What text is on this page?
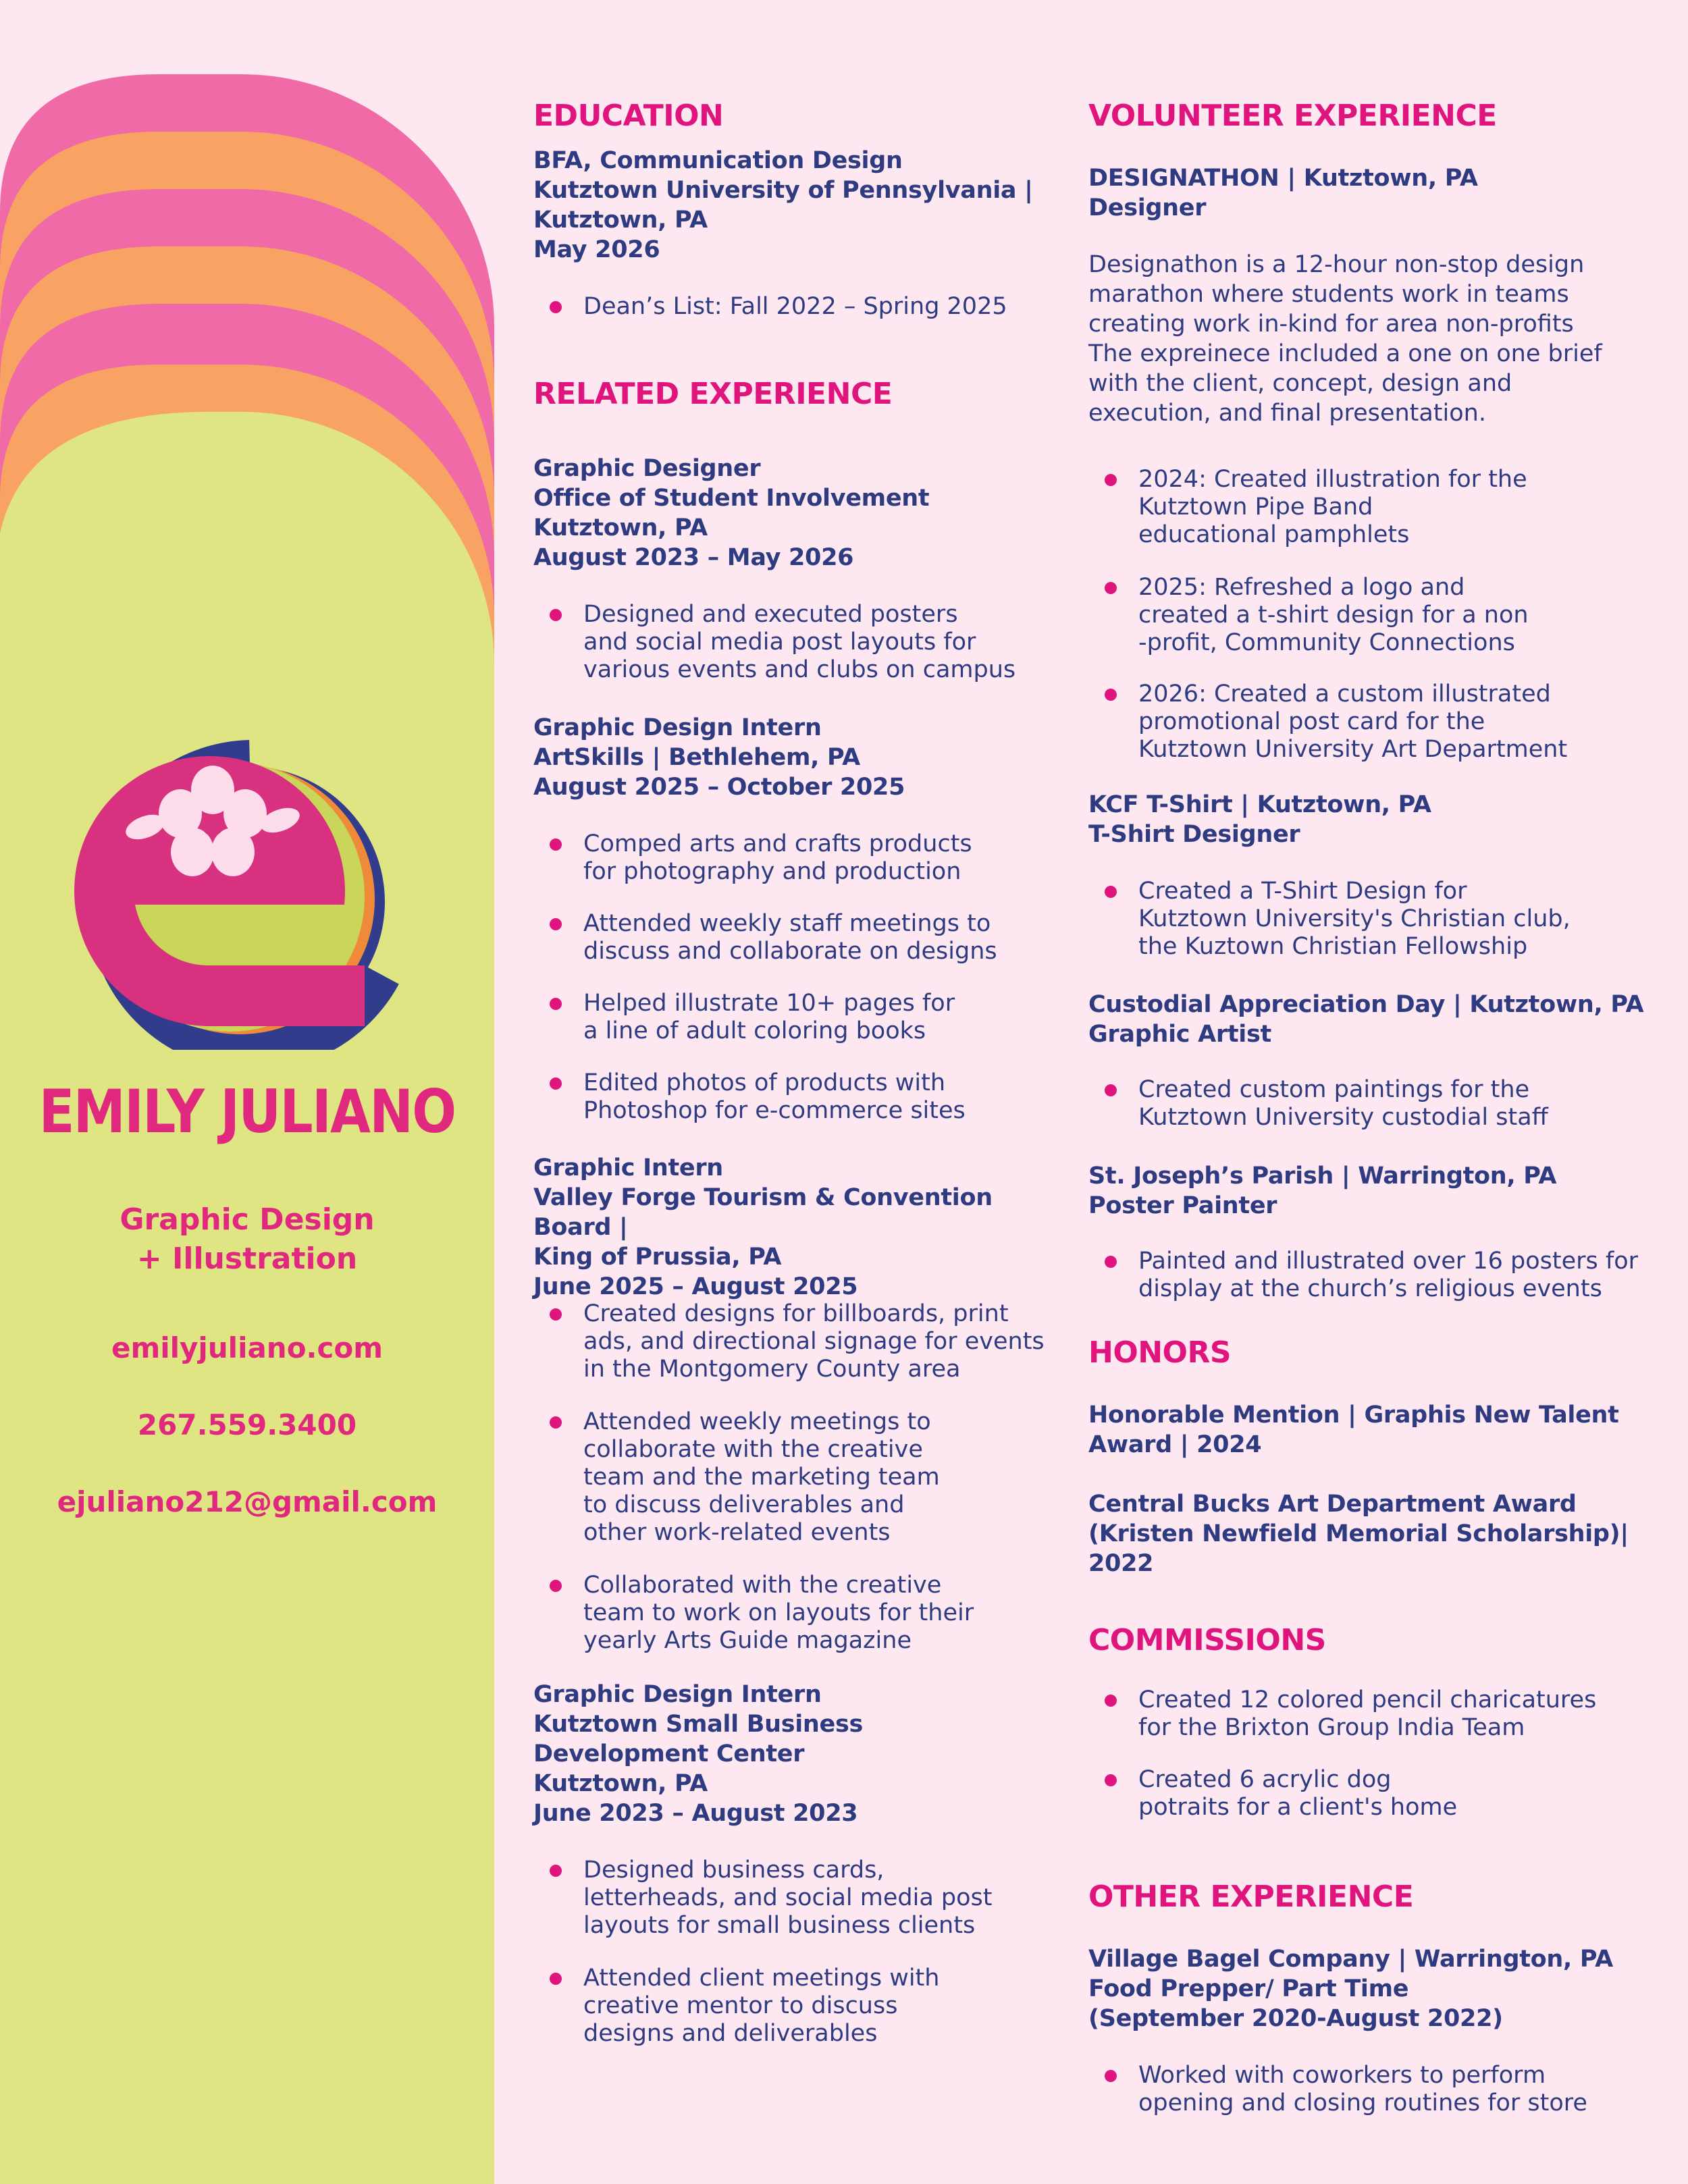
EMILY JULIANO
Graphic Design
+ Illustration
emilyjuliano.com
267.559.3400
ejuliano212@gmail.com
EDUCATION
BFA, Communication Design
Kutztown University of Pennsylvania |
Kutztown, PA
May 2026
Dean’s List: Fall 2022 – Spring 2025
RELATED EXPERIENCE
Graphic Designer
Office of Student Involvement
Kutztown, PA
August 2023 – May 2026
Designed and executed posters
and social media post layouts for
various events and clubs on campus
Graphic Design Intern
ArtSkills | Bethlehem, PA
August 2025 – October 2025
Comped arts and crafts products
for photography and production
Attended weekly staff meetings to
discuss and collaborate on designs
Helped illustrate 10+ pages for
a line of adult coloring books
Edited photos of products with
Photoshop for e-commerce sites
Graphic Intern
Valley Forge Tourism & Convention Board |
King of Prussia, PA
June 2025 – August 2025
Created designs for billboards, print
ads, and directional signage for events
in the Montgomery County area
Attended weekly meetings to
collaborate with the creative
team and the marketing team
to discuss deliverables and
other work-related events
Collaborated with the creative
team to work on layouts for their
yearly Arts Guide magazine
Graphic Design Intern
Kutztown Small Business
Development Center
Kutztown, PA
June 2023 – August 2023
Designed business cards,
letterheads, and social media post
layouts for small business clients
Attended client meetings with
creative mentor to discuss
designs and deliverables
VOLUNTEER EXPERIENCE
DESIGNATHON | Kutztown, PA
Designer
Designathon is a 12-hour non-stop design
marathon where students work in teams
creating work in-kind for area non-profits
The expreinece included a one on one brief
with the client, concept, design and
execution, and final presentation.
2024: Created illustration for the
Kutztown Pipe Band
educational pamphlets
2025: Refreshed a logo and
created a t-shirt design for a non
-profit, Community Connections
2026: Created a custom illustrated
promotional post card for the
Kutztown University Art Department
KCF T-Shirt | Kutztown, PA
T-Shirt Designer
Created a T-Shirt Design for
Kutztown University's Christian club,
the Kuztown Christian Fellowship
Custodial Appreciation Day | Kutztown, PA
Graphic Artist
Created custom paintings for the
Kutztown University custodial staff
St. Joseph’s Parish | Warrington, PA
Poster Painter
Painted and illustrated over 16 posters for
display at the church’s religious events
HONORS
Honorable Mention | Graphis New Talent
Award | 2024
Central Bucks Art Department Award
(Kristen Newfield Memorial Scholarship)|
2022
COMMISSIONS
Created 12 colored pencil charicatures
for the Brixton Group India Team
Created 6 acrylic dog
potraits for a client's home
OTHER EXPERIENCE
Village Bagel Company | Warrington, PA
Food Prepper/ Part Time
(September 2020-August 2022)
Worked with coworkers to perform
opening and closing routines for store
